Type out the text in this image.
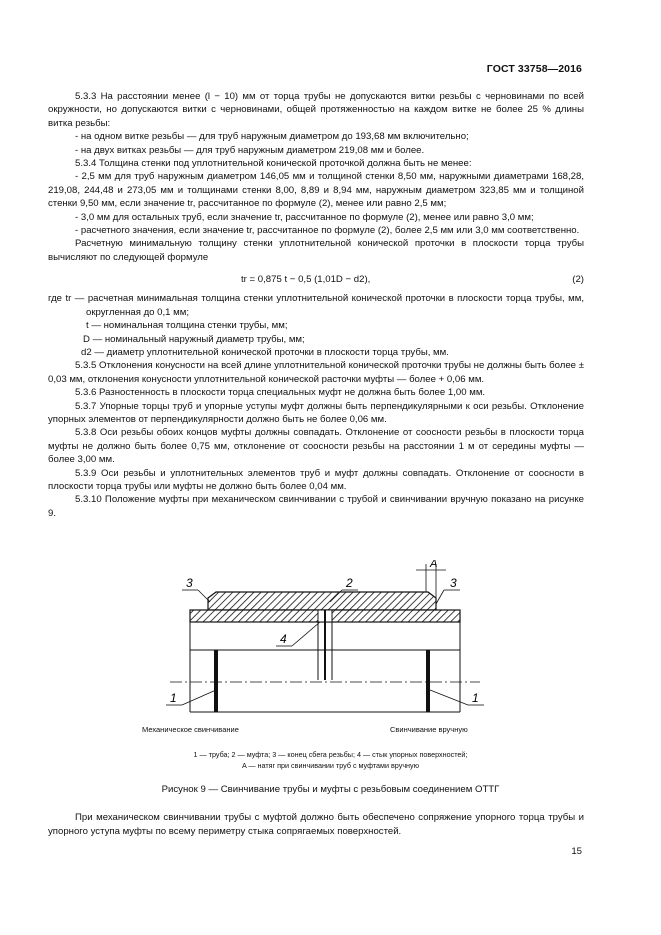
ГОСТ 33758—2016

5.3.3 На расстоянии менее (l − 10) мм от торца трубы не допускаются витки резьбы с черновинами по всей окружности, но допускаются витки с черновинами, общей протяженностью на каждом витке не более 25 % длины витка резьбы:

- на одном витке резьбы — для труб наружным диаметром до 193,68 мм включительно;

- на двух витках резьбы — для труб наружным диаметром 219,08 мм и более.

5.3.4 Толщина стенки под уплотнительной конической проточкой должна быть не менее:

- 2,5 мм для труб наружным диаметром 146,05 мм и толщиной стенки 8,50 мм, наружными диаметрами 168,28, 219,08, 244,48 и 273,05 мм и толщинами стенки 8,00, 8,89 и 8,94 мм, наружным диаметром 323,85 мм и толщиной стенки 9,50 мм, если значение tr, рассчитанное по формуле (2), менее или равно 2,5 мм;

- 3,0 мм для остальных труб, если значение tr, рассчитанное по формуле (2), менее или равно 3,0 мм;

- расчетного значения, если значение tr, рассчитанное по формуле (2), более 2,5 мм или 3,0 мм соответственно.

Расчетную минимальную толщину стенки уплотнительной конической проточки в плоскости торца трубы вычисляют по следующей формуле

tr = 0,875 t − 0,5 (1,01D − d2),	(2)

где tr — расчетная минимальная толщина стенки уплотнительной конической проточки в плоскости торца трубы, мм, округленная до 0,1 мм;

t — номинальная толщина стенки трубы, мм;

D — номинальный наружный диаметр трубы, мм;

d2 — диаметр уплотнительной конической проточки в плоскости торца трубы, мм.

5.3.5 Отклонения конусности на всей длине уплотнительной конической проточки трубы не должны быть более ± 0,03 мм, отклонения конусности уплотнительной конической расточки муфты — более + 0,06 мм.

5.3.6 Разностенность в плоскости торца специальных муфт не должна быть более 1,00 мм.

5.3.7 Упорные торцы труб и упорные уступы муфт должны быть перпендикулярными к оси резьбы. Отклонение упорных элементов от перпендикулярности должно быть не более 0,06 мм.

5.3.8 Оси резьбы обоих концов муфты должны совпадать. Отклонение от соосности резьбы в плоскости торца муфты не должно быть более 0,75 мм, отклонение от соосности резьбы на расстоянии 1 м от середины муфты — более 3,00 мм.

5.3.9 Оси резьбы и уплотнительных элементов труб и муфт должны совпадать. Отклонение от соосности в плоскости торца трубы или муфты не должно быть более 0,04 мм.

5.3.10 Положение муфты при механическом свинчивании с трубой и свинчивании вручную показано на рисунке 9.

A
3	3
2
4
1	1
Механическое свинчивание	Свинчивание вручную
1 — труба; 2 — муфта; 3 — конец сбега резьбы; 4 — стык упорных поверхностей;
A — натяг при свинчивании труб с муфтами вручную
Рисунок 9 — Свинчивание трубы и муфты с резьбовым соединением ОТТГ

При механическом свинчивании трубы с муфтой должно быть обеспечено сопряжение упорного торца трубы и упорного уступа муфты по всему периметру стыка сопрягаемых поверхностей.

15
